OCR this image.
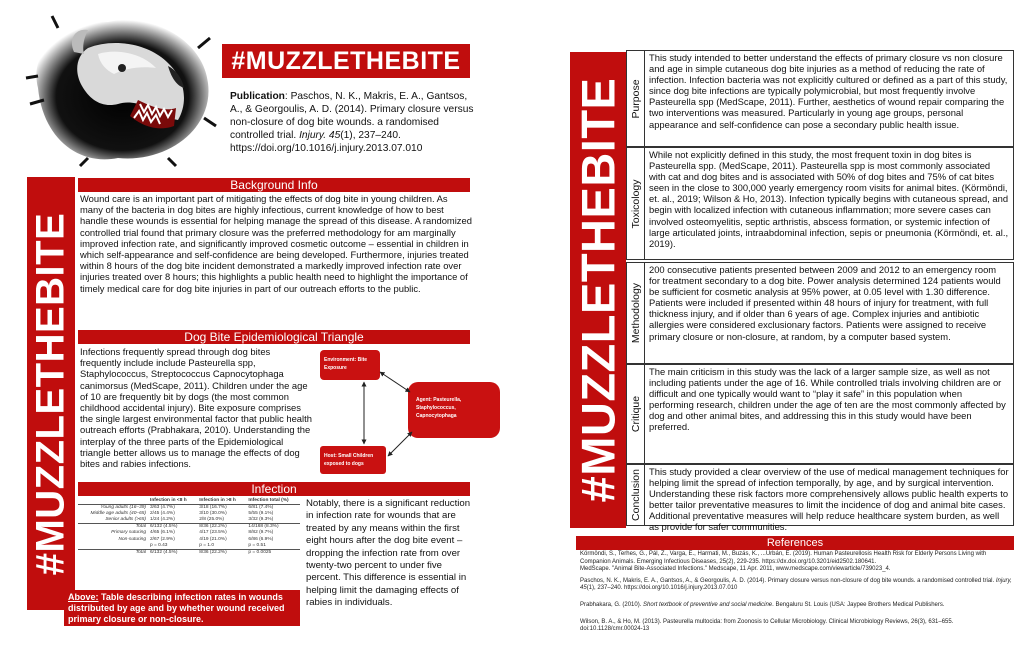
#MUZZLETHEBITE
Publication: Paschos, N. K., Makris, E. A., Gantsos, A., & Georgoulis, A. D. (2014). Primary closure versus non-closure of dog bite wounds. a randomised controlled trial. Injury. 45(1), 237–240. https://doi.org/10.1016/j.injury.2013.07.010
#MUZZLETHEBITE
Background Info
Wound care is an important part of mitigating the effects of dog bite in young children. As many of the bacteria in dog bites are highly infectious, current knowledge of how to best handle these wounds is essential for helping manage the spread of this disease. A randomized controlled trial found that primary closure was the preferred methodology for am marginally improved infection rate, and significantly improved cosmetic outcome – essential in children in which self-appearance and self-confidence are being developed. Furthermore, injuries treated within 8 hours of the dog bite incident demonstrated a markedly improved infection rate over injuries treated over 8 hours; this highlights a public health need to highlight the importance of timely medical care for dog bite injuries in part of our outreach efforts to the public.
Dog Bite Epidemiological Triangle
Infections frequently spread through dog bites frequently include include Pasteurella spp, Staphylococcus, Streptococcus Capnocytophaga canimorsus (MedScape, 2011). Children under the age of 10 are frequently bit by dogs (the most common childhood accidental injury). Bite exposure comprises the single largest environmental factor that public health outreach efforts (Prabhakara, 2010). Understanding the interplay of the three parts of the Epidemiological triangle better allows us to manage the effects of dog bites and rabies infections.
Environment: Bite
Exposure
Agent: Pasteurella,
Staphylococcus,
Capnocytophaga
Host: Small Children
exposed to dogs
Infection
Notably, there is a significant reduction in infection rate for wounds that are treated by any means within the first eight hours after the dog bite event – dropping the infection rate from over twenty-two percent to under five percent. This difference is essential in helping limit the damaging effects of rabies in individuals.
	Infection in <8 h	Infection in >8 h	Infection total (%)
Young adults (16–39)	3/63 (4.7%)	3/18 (16.7%)	6/81 (7.4%)
Middle age adults (40–65)	2/45 (4.4%)	3/10 (30.0%)	5/55 (9.1%)
Senior adults (>65)	1/24 (4.2%)	2/8 (25.0%)	3/32 (9.3%)
Total	6/132 (4.5%)	8/36 (22.2%)	14/168 (8.3%)
Primary suturing	4/65 (6.1%)	4/17 (23.5%)	8/82 (9.7%)
Non-suturing	2/67 (2.9%)	4/19 (21.0%)	6/86 (6.9%)
	p = 0.43	p = 1.0	p = 0.51
Total	6/132 (4.5%)	8/36 (22.2%)	p = 0.0025
Above: Table describing infection rates in wounds distributed by age and by whether wound received primary closure or non-closure.
#MUZZLETHEBITE Purpose
This study intended to better understand the effects of primary closure vs non closure and age in simple cutaneous dog bite injuries as a method of reducing the rate of infection. Infection bacteria was not explicitly cultured or defined as a part of this study, since dog bite infections are typically polymicrobial, but most frequently involve Pasteurella spp (MedScape, 2011). Further, aesthetics of wound repair comparing the two interventions was measured. Particularly in young age groups, personal appearance and self-confidence can pose a secondary public health issue.
Toxicology
While not explicitly defined in this study, the most frequent toxin in dog bites is Pasteurella spp. (MedScape, 2011). Pasteurella spp is most commonly associated with cat and dog bites and is associated with 50% of dog bites and 75% of cat bites seen in the close to 300,000 yearly emergency room visits for animal bites. (Körmöndi, et. al., 2019; Wilson & Ho, 2013). Infection typically begins with cutaneous spread, and begin with localized infection with cutaneous inflammation; more severe cases can involved osteomyelitis, septic arthristis, abscess formation, or systemic infection of large articulated joints, intraabdominal infection, sepis or pneumonia (Körmöndi, et. al., 2019).
Methodology
200 consecutive patients presented between 2009 and 2012 to an emergency room for treatment secondary to a dog bite. Power analysis determined 124 patients would be sufficient for cosmetic analysis at 95% power, at 0.05 level with 1.30 difference. Patients were included if presented within 48 hours of injury for treatment, with full thickness injury, and if older than 6 years of age. Complex injuries and antibiotic allergies were considered exclusionary factors. Patients were assigned to receive primary closure or non-closure, at random, by a computer based system.
Critique
The main criticism in this study was the lack of a larger sample size, as well as not including patients under the age of 16. While controlled trials involving children are or difficult and one typically would want to “play it safe” in this population when performing research, children under the age of ten are the most commonly affected by dog and other animal bites, and addressing this in this study would have been preferred.
Conclusion This study provided a clear overview of the use of medical management techniques for helping limit the spread of infection temporally, by age, and by surgical intervention. Understanding these risk factors more comprehensively allows public health experts to better tailor preventative measures to limit the incidence of dog and animal bite cases. Additional preventative measures will help reduce healthcare system burden, as well as provide for safer communities.
References

Körmöndi, S., Terhes, G., Pál, Z., Varga, E., Harmati, M., Buzás, K., ...Urbán, E. (2019). Human Pasteurellosis Health Risk for Elderly Persons Living with Companion Animals. Emerging Infectious Diseases, 25(2), 229-235. https://dx.doi.org/10.3201/eid2502.180641.
MedScape. "Animal Bite-Associated Infections." Medscape, 11 Apr. 2011, www.medscape.com/viewarticle/739023_4.

Paschos, N. K., Makris, E. A., Gantsos, A., & Georgoulis, A. D. (2014). Primary closure versus non-closure of dog bite wounds. a randomised controlled trial. Injury, 45(1), 237–240. https://doi.org/10.1016/j.injury.2013.07.010

Prabhakara, G. (2010). Short textbook of preventive and social medicine. Bengaluru St. Louis (USA: Jaypee Brothers Medical Publishers.

Wilson, B. A., & Ho, M. (2013). Pasteurella multocida: from Zoonosis to Cellular Microbiology. Clinical Microbiology Reviews, 26(3), 631–655. doi:10.1128/cmr.00024-13
